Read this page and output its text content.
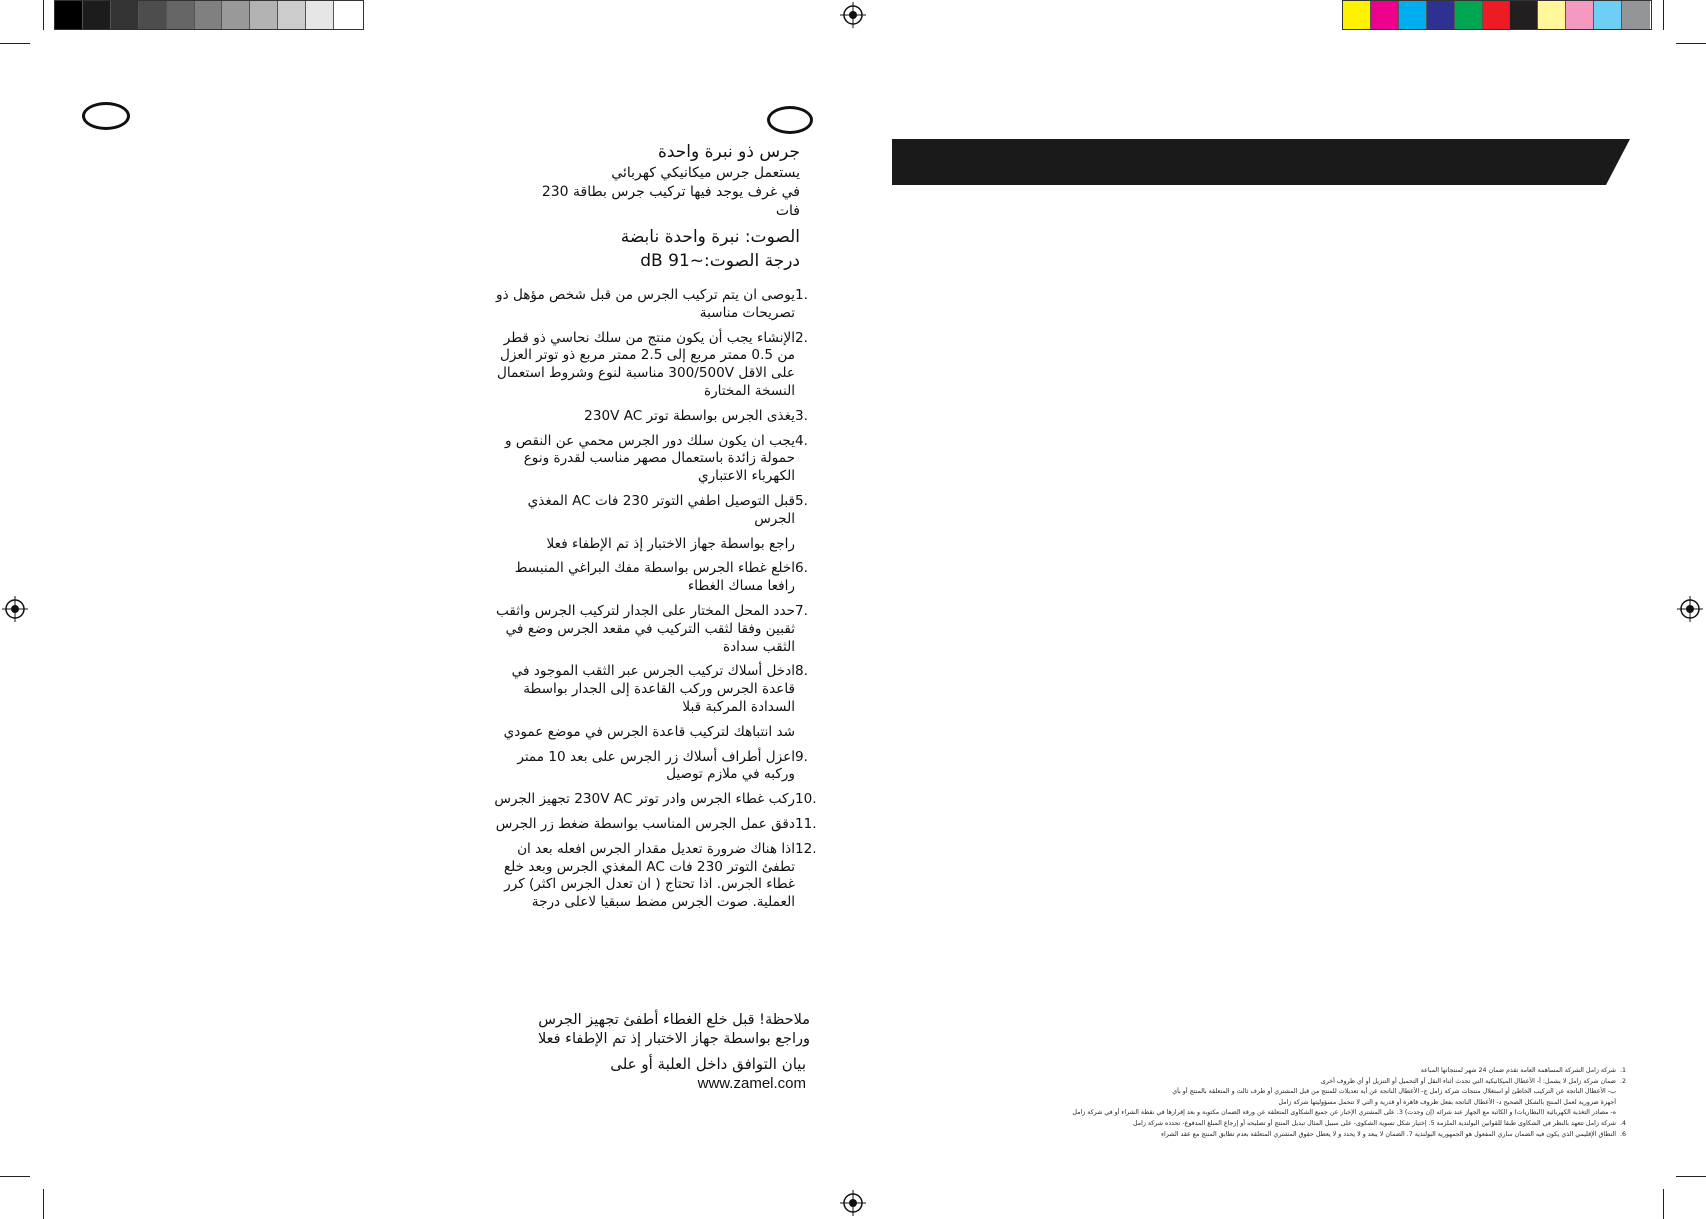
جرس ذو نبرة واحدة
يستعمل جرس ميكانيكي كهربائي
في غرف يوجد فيها تركيب جرس بطاقة 230
فات
الصوت: نبرة واحدة نابضة
درجة الصوت:~91 dB
1.
يوصى ان يتم تركيب الجرس من قبل شخص مؤهل ذو تصريحات مناسبة
2.
الإنشاء يجب أن يكون منتج من سلك نحاسي ذو قطر من 0.5 ممتر مربع إلى 2.5 ممتر مربع ذو توتر العزل على الاقل 300/500V مناسبة لنوع وشروط استعمال النسخة المختارة
3.
يغذى الجرس بواسطة توتر 230V AC
4.
يجب ان يكون سلك دور الجرس محمي عن النقص و حمولة زائدة باستعمال مصهر مناسب لقدرة ونوع الكهرباء الاعتباري
5.
قبل التوصيل اطفي التوتر 230 فات AC المغذي الجرس
راجع بواسطة جهاز الاختبار إذ تم الإطفاء فعلا
6.
اخلع غطاء الجرس بواسطة مفك البراغي المنبسط رافعا مساك الغطاء
7.
حدد المحل المختار على الجدار لتركيب الجرس واثقب ثقبين وفقا لثقب التركيب في مقعد الجرس وضع في الثقب سدادة
8.
ادخل أسلاك تركيب الجرس عبر الثقب الموجود في قاعدة الجرس وركب القاعدة إلى الجدار بواسطة السدادة المركبة قبلا
شد انتباهك لتركيب قاعدة الجرس في موضع عمودي
9.
اعزل أطراف أسلاك زر الجرس على بعد 10 ممتر وركبه في ملازم توصيل
10.
ركب غطاء الجرس وادر توتر 230V AC تجهيز الجرس
11.
دقق عمل الجرس المناسب بواسطة ضغط زر الجرس
12.
اذا هناك ضرورة تعديل مقدار الجرس افعله بعد ان تطفئ التوتر 230 فات AC المغذي الجرس وبعد خلع غطاء الجرس. اذا تحتاج ( ان تعدل الجرس اكثر) كرر العملية. صوت الجرس مضط سبقيا لاعلى درجة
ملاحظة! قبل خلع الغطاء أطفئ تجهيز الجرس وراجع بواسطة جهاز الاختبار إذ تم الإطفاء فعلا
بيان التوافق داخل العلبة أو على
www.zamel.com
1.
شركة زامل الشركة المساهمة العامة تقدم ضمان 24 شهر لمنتجاتها المباعة
2.
ضمان شركة زامل لا يشمل: أ- الأعطال الميكانيكية التي تحدث أثناء النقل أو التحميل أو التنزيل أو أي ظروف أخرى
ب- الأعطال الناتجة عن التركيب الخاطئ أو استغلال منتجات شركة زامل ج- الأعطال الناتجة عن أية تعديلات للمنتج من قبل المشتري أو طرف ثالث و المتعلقة بالمنتج أو بأي
أجهزة ضرورية لعمل المنتج بالشكل الصحيح د- الأعطال الناتجة بفعل ظروف قاهرة أو قدرية و التي لا تتحمل مسؤوليتها شركة زامل
ه- مصادر التغذية الكهربائية (البطاريات) و الكاتبة مع الجهاز عند شرائه (إن وجدت) 3. على المشتري الإخبار عن جميع الشكاوى المتعلقة عن ورقة الضمان مكتوبة و بعد إقرارها في نقطة الشراء أو في شركة زامل
4.
شركة زامل تتعهد بالنظر في الشكاوى طبقا للقوانين البولندية الملزمة 5. إختيار شكل تسوية الشكوى- على سبيل المثال تبديل المنتج أو تصليحه أو إرجاع المبلغ المدفوع- تحدده شركة زامل
6.
النطاق الإقليمي الذي يكون فيه الضمان ساري المفعول هو الجمهورية البولندية 7. الضمان لا يبعد و لا يحدد و لا يعطل حقوق المشتري المتعلقة بعدم تطابق المنتج مع عقد الشراء
